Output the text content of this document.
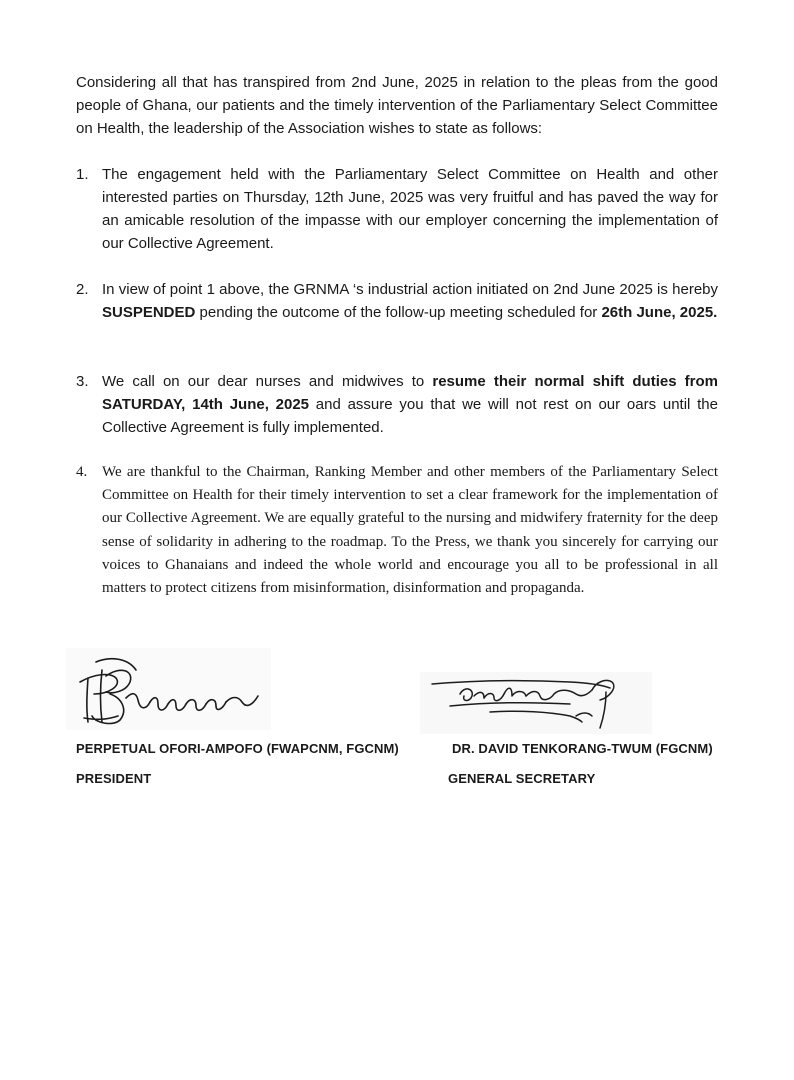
Considering all that has transpired from 2nd June, 2025 in relation to the pleas from the good people of Ghana, our patients and the timely intervention of the Parliamentary Select Committee on Health, the leadership of the Association wishes to state as follows:

1. The engagement held with the Parliamentary Select Committee on Health and other interested parties on Thursday, 12th June, 2025 was very fruitful and has paved the way for an amicable resolution of the impasse with our employer concerning the implementation of our Collective Agreement.
2. In view of point 1 above, the GRNMA ‘s industrial action initiated on 2nd June 2025 is hereby SUSPENDED pending the outcome of the follow-up meeting scheduled for 26th June, 2025.
3. We call on our dear nurses and midwives to resume their normal shift duties from SATURDAY, 14th June, 2025 and assure you that we will not rest on our oars until the Collective Agreement is fully implemented.
4. We are thankful to the Chairman, Ranking Member and other members of the Parliamentary Select Committee on Health for their timely intervention to set a clear framework for the implementation of our Collective Agreement. We are equally grateful to the nursing and midwifery fraternity for the deep sense of solidarity in adhering to the roadmap. To the Press, we thank you sincerely for carrying our voices to Ghanaians and indeed the whole world and encourage you all to be professional in all matters to protect citizens from misinformation, disinformation and propaganda.
PERPETUAL OFORI-AMPOFO (FWAPCNM, FGCNM)
PRESIDENT
DR. DAVID TENKORANG-TWUM (FGCNM)
GENERAL SECRETARY
